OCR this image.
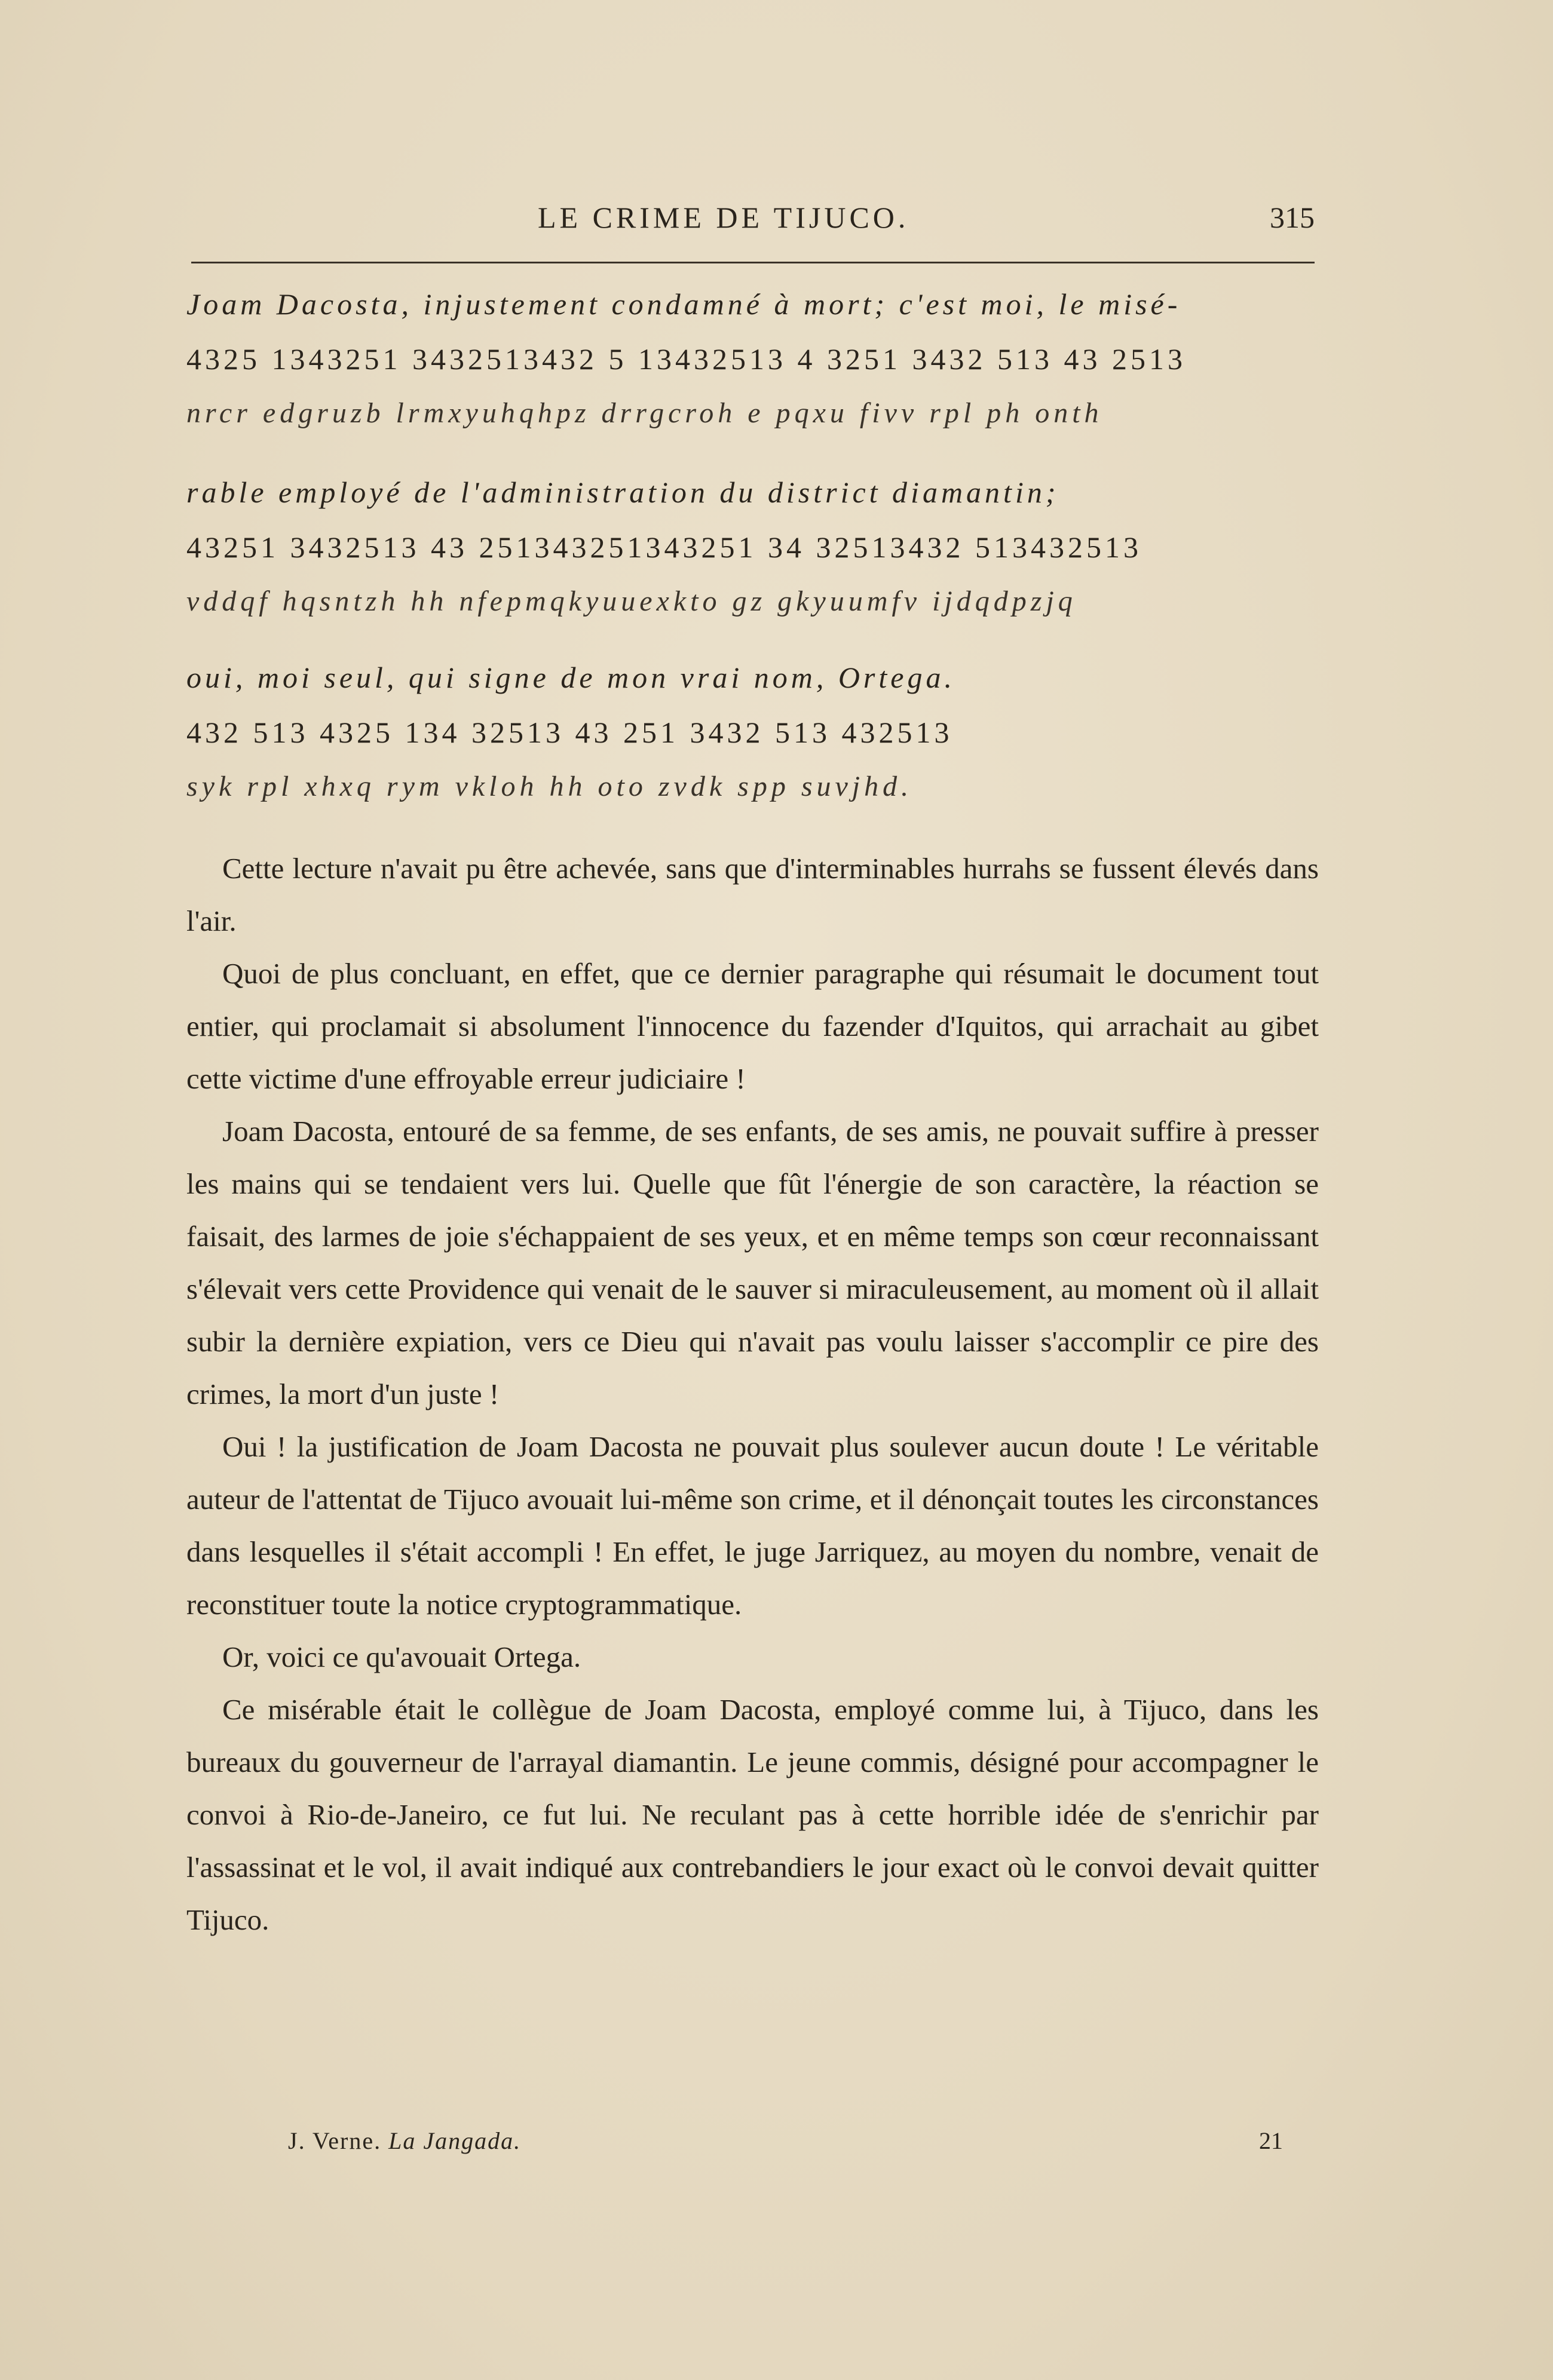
LE CRIME DE TIJUCO.	315
Joam Dacosta, injustement condamné à mort; c'est moi, le misé-
4325 1343251 3432513432 5 13432513 4 3251 3432 513 43 2513
nrcr edgruzb lrmxyuhqhpz drrgcroh e pqxu fivv rpl ph onth
rable employé de l'administration du district diamantin;
43251 3432513 43 251343251343251 34 32513432 513432513
vddqf hqsntzh hh nfepmqkyuuexkto gz gkyuumfv ijdqdpzjq
oui, moi seul, qui signe de mon vrai nom, Ortega.
432 513 4325 134 32513 43 251 3432 513 432513
syk rpl xhxq rym vkloh hh oto zvdk spp suvjhd.

Cette lecture n'avait pu être achevée, sans que d'interminables hurrahs se fussent élevés dans l'air.

Quoi de plus concluant, en effet, que ce dernier paragraphe qui résumait le document tout entier, qui proclamait si absolument l'innocence du fazender d'Iquitos, qui arrachait au gibet cette victime d'une effroyable erreur judiciaire !

Joam Dacosta, entouré de sa femme, de ses enfants, de ses amis, ne pouvait suffire à presser les mains qui se tendaient vers lui. Quelle que fût l'énergie de son caractère, la réaction se faisait, des larmes de joie s'échappaient de ses yeux, et en même temps son cœur reconnaissant s'élevait vers cette Providence qui venait de le sauver si miraculeusement, au moment où il allait subir la dernière expiation, vers ce Dieu qui n'avait pas voulu laisser s'accomplir ce pire des crimes, la mort d'un juste !

Oui ! la justification de Joam Dacosta ne pouvait plus soulever aucun doute ! Le véritable auteur de l'attentat de Tijuco avouait lui-même son crime, et il dénonçait toutes les circonstances dans lesquelles il s'était accompli ! En effet, le juge Jarriquez, au moyen du nombre, venait de reconstituer toute la notice cryptogrammatique.

Or, voici ce qu'avouait Ortega.

Ce misérable était le collègue de Joam Dacosta, employé comme lui, à Tijuco, dans les bureaux du gouverneur de l'arrayal diamantin. Le jeune commis, désigné pour accompagner le convoi à Rio-de-Janeiro, ce fut lui. Ne reculant pas à cette horrible idée de s'enrichir par l'assassinat et le vol, il avait indiqué aux contrebandiers le jour exact où le convoi devait quitter Tijuco.

J. Verne. La Jangada.	21
